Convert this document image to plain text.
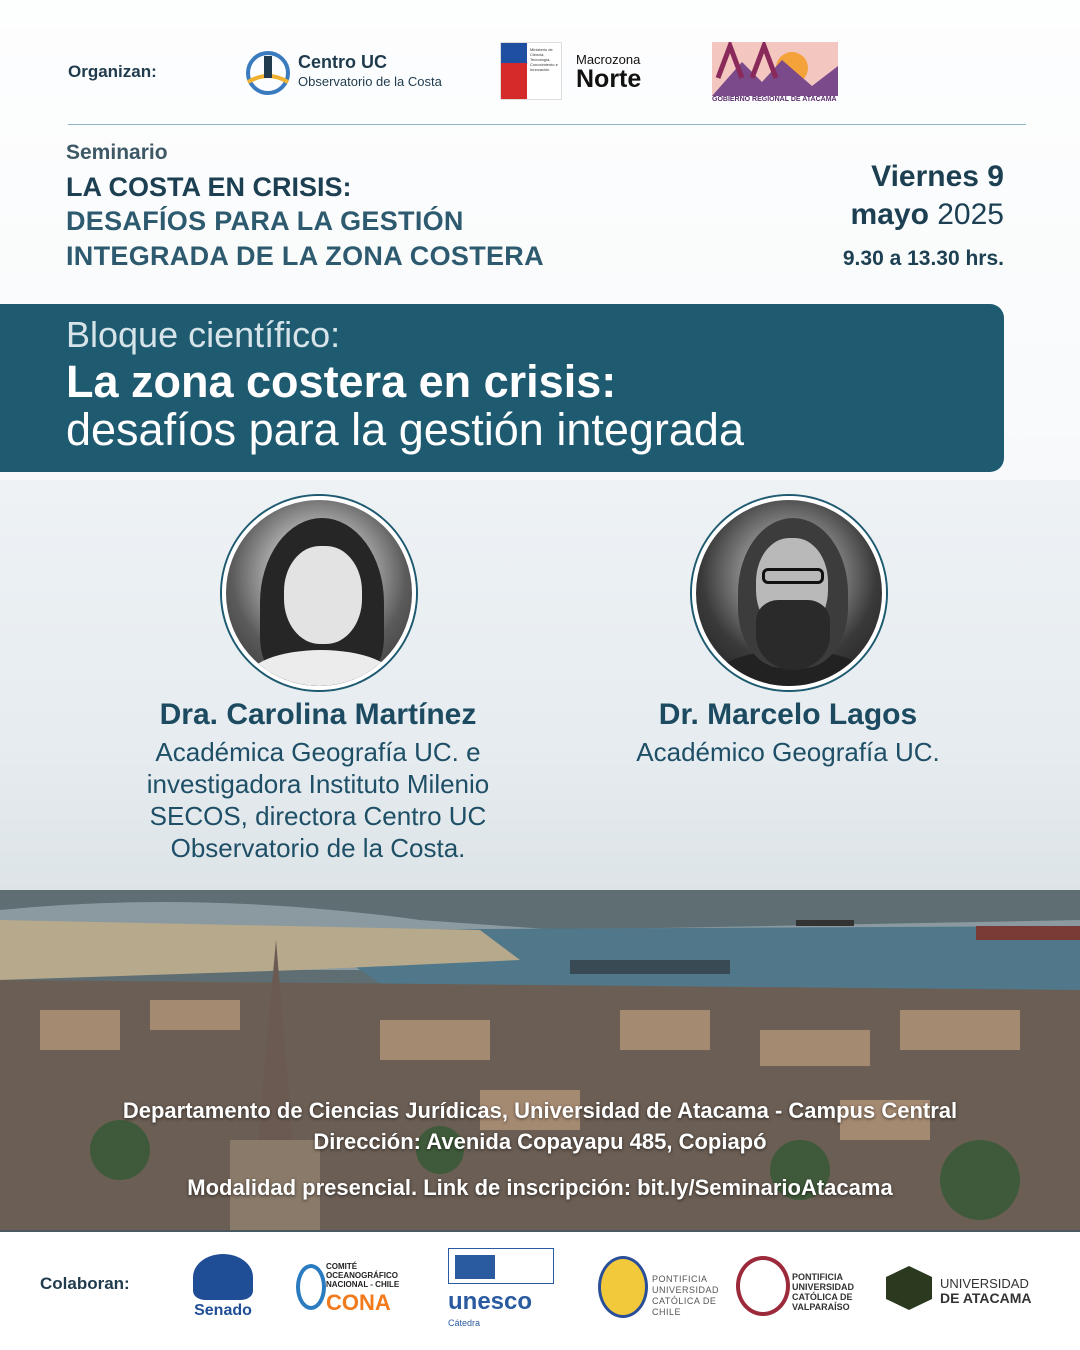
Organizan:	Centro UC
Observatorio de la Costa
Ministerio de Ciencia, Tecnología, Conocimiento e Innovación
Macrozona
Norte
GOBIERNO REGIONAL DE ATACAMA
Seminario
LA COSTA EN CRISIS:
DESAFÍOS PARA LA GESTIÓN
INTEGRADA DE LA ZONA COSTERA
Viernes 9
mayo 2025
9.30 a 13.30 hrs.
Bloque científico:
La zona costera en crisis:
desafíos para la gestión integrada
Dra. Carolina Martínez
Académica Geografía UC. e
investigadora Instituto Milenio
SECOS, directora Centro UC
Observatorio de la Costa.
Dr. Marcelo Lagos
Académico Geografía UC.
Departamento de Ciencias Jurídicas, Universidad de Atacama - Campus Central
Dirección: Avenida Copayapu 485, Copiapó
Modalidad presencial. Link de inscripción: bit.ly/SeminarioAtacama
Colaboran:
Senado
COMITÉ OCEANOGRÁFICO NACIONAL - CHILE
CONA unesco
Cátedra
PONTIFICIA UNIVERSIDAD CATÓLICA DE CHILE
PONTIFICIA UNIVERSIDAD CATÓLICA DE VALPARAÍSO
UNIVERSIDAD
DE ATACAMA
